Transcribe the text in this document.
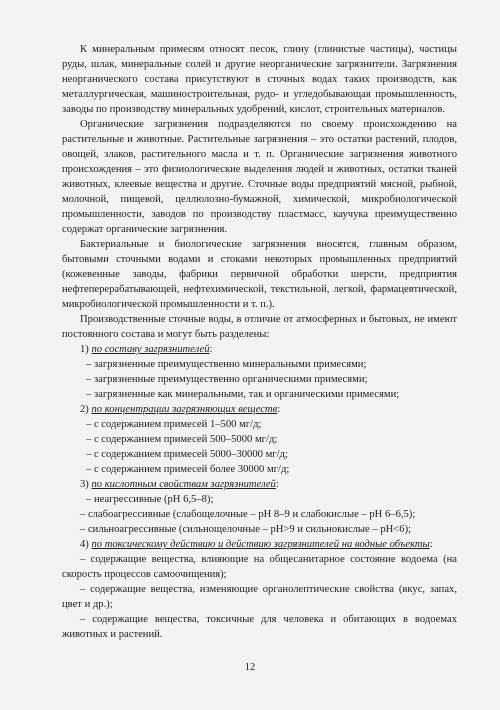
К минеральным примесям относят песок, глину (глинистые частицы), частицы руды, шлак, минеральные солей и другие неорганические загрязнители. Загрязнения неорганического состава присутствуют в сточных водах таких производств, как металлургическая, машиностроительная, рудо- и угледобывающая промышленность, заводы по производству минеральных удобрений, кислот, строительных материалов.

Органические загрязнения подразделяются по своему происхождению на растительные и животные. Растительные загрязнения – это остатки растений, плодов, овощей, злаков, растительного масла и т. п. Органические загрязнения животного происхождения – это физиологические выделения людей и животных, остатки тканей животных, клеевые вещества и другие. Сточные воды предприятий мясной, рыбной, молочной, пищевой, целлюлозно-бумажной, химической, микробиологической промышленности, заводов по производству пластмасс, каучука преимущественно содержат органические загрязнения.

Бактериальные и биологические загрязнения вносятся, главным образом, бытовыми сточными водами и стоками некоторых промышленных предприятий (кожевенные заводы, фабрики первичной обработки шерсти, предприятия нефтеперерабатывающей, нефтехимической, текстильной, легкой, фармацевтической, микробиологической промышленности и т. п.).

Производственные сточные воды, в отличие от атмосферных и бытовых, не имеют постоянного состава и могут быть разделены:

1) по составу загрязнителей:
– загрязненные преимущественно минеральными примесями;
– загрязненные преимущественно органическими примесями;
– загрязненные как минеральными, так и органическими примесями;
2) по концентрации загрязняющих веществ:
– с содержанием примесей 1–500 мг/д;
– с содержанием примесей 500–5000 мг/д;
– с содержанием примесей 5000–30000 мг/д;
– с содержанием примесей более 30000 мг/д;
3) по кислотным свойствам загрязнителей:
– неагрессивные (pH 6,5–8);

– слабоагрессивные (слабощелочные – pH 8–9 и слабокислые – pH 6–6,5);

– сильноагрессивные (сильнощелочные – pH>9 и сильнокислые – pH<6);

4) по токсическому действию и действию загрязнителей на водные объекты:

– содержащие вещества, влияющие на общесанитарное состояние водоема (на скорость процессов самоочищения);

– содержащие вещества, изменяющие органолептические свойства (вкус, запах, цвет и др.);

– содержащие вещества, токсичные для человека и обитающих в водоемах животных и растений.

12
